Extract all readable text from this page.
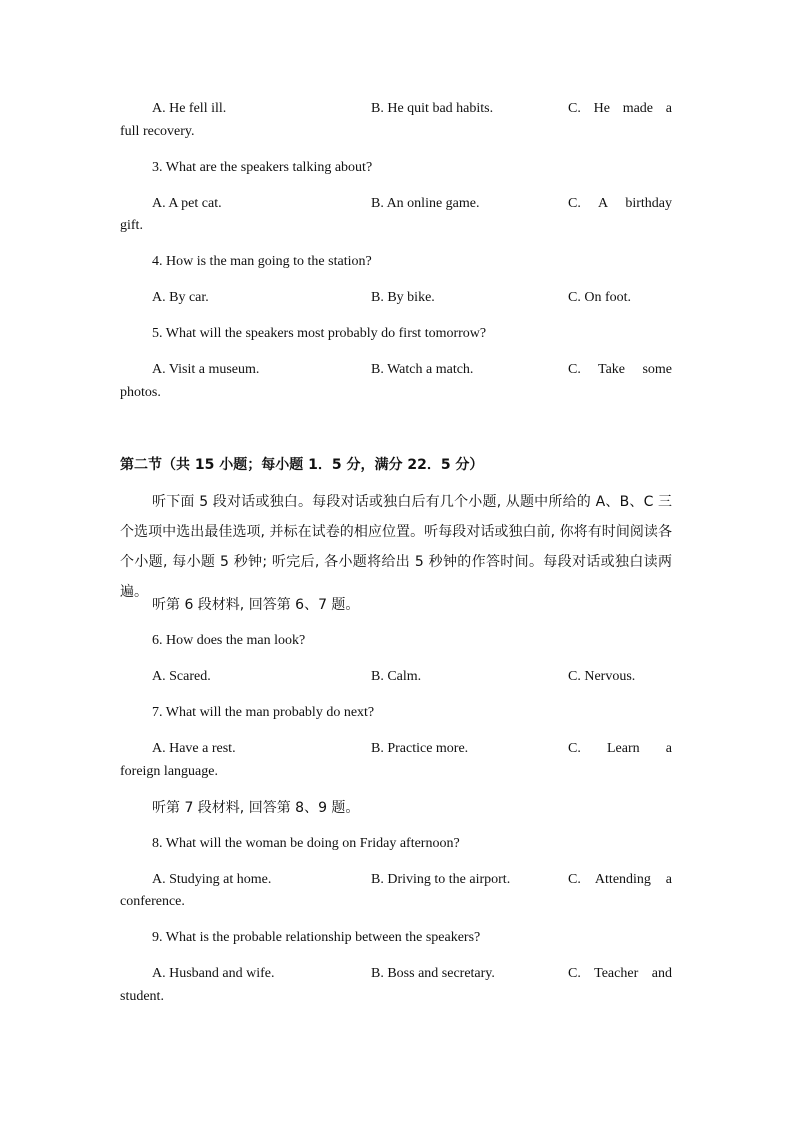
A. He fell ill.	B. He quit bad habits.	C. He made a
full recovery.
3. What are the speakers talking about?
A. A pet cat.	B. An online game.	C. A birthday
gift.
4. How is the man going to the station?
A. By car.	B. By bike.	C. On foot.
5. What will the speakers most probably do first tomorrow?
A. Visit a museum.	B. Watch a match.	C. Take some
photos.
第二节（共 15 小题；每小题 1．5 分，满分 22．5 分）
听下面 5 段对话或独白。每段对话或独白后有几个小题, 从题中所给的 A、B、C 三个选项中选出最佳选项, 并标在试卷的相应位置。听每段对话或独白前, 你将有时间阅读各个小题, 每小题 5 秒钟; 听完后, 各小题将给出 5 秒钟的作答时间。每段对话或独白读两遍。
听第 6 段材料, 回答第 6、7 题。
6. How does the man look?
A. Scared.	B. Calm.	C. Nervous.
7. What will the man probably do next?
A. Have a rest.	B. Practice more.	C. Learn a
foreign language.
听第 7 段材料, 回答第 8、9 题。
8. What will the woman be doing on Friday afternoon?
A. Studying at home.	B. Driving to the airport.	C. Attending a
conference.
9. What is the probable relationship between the speakers?
A. Husband and wife.	B. Boss and secretary.	C. Teacher and
student.
